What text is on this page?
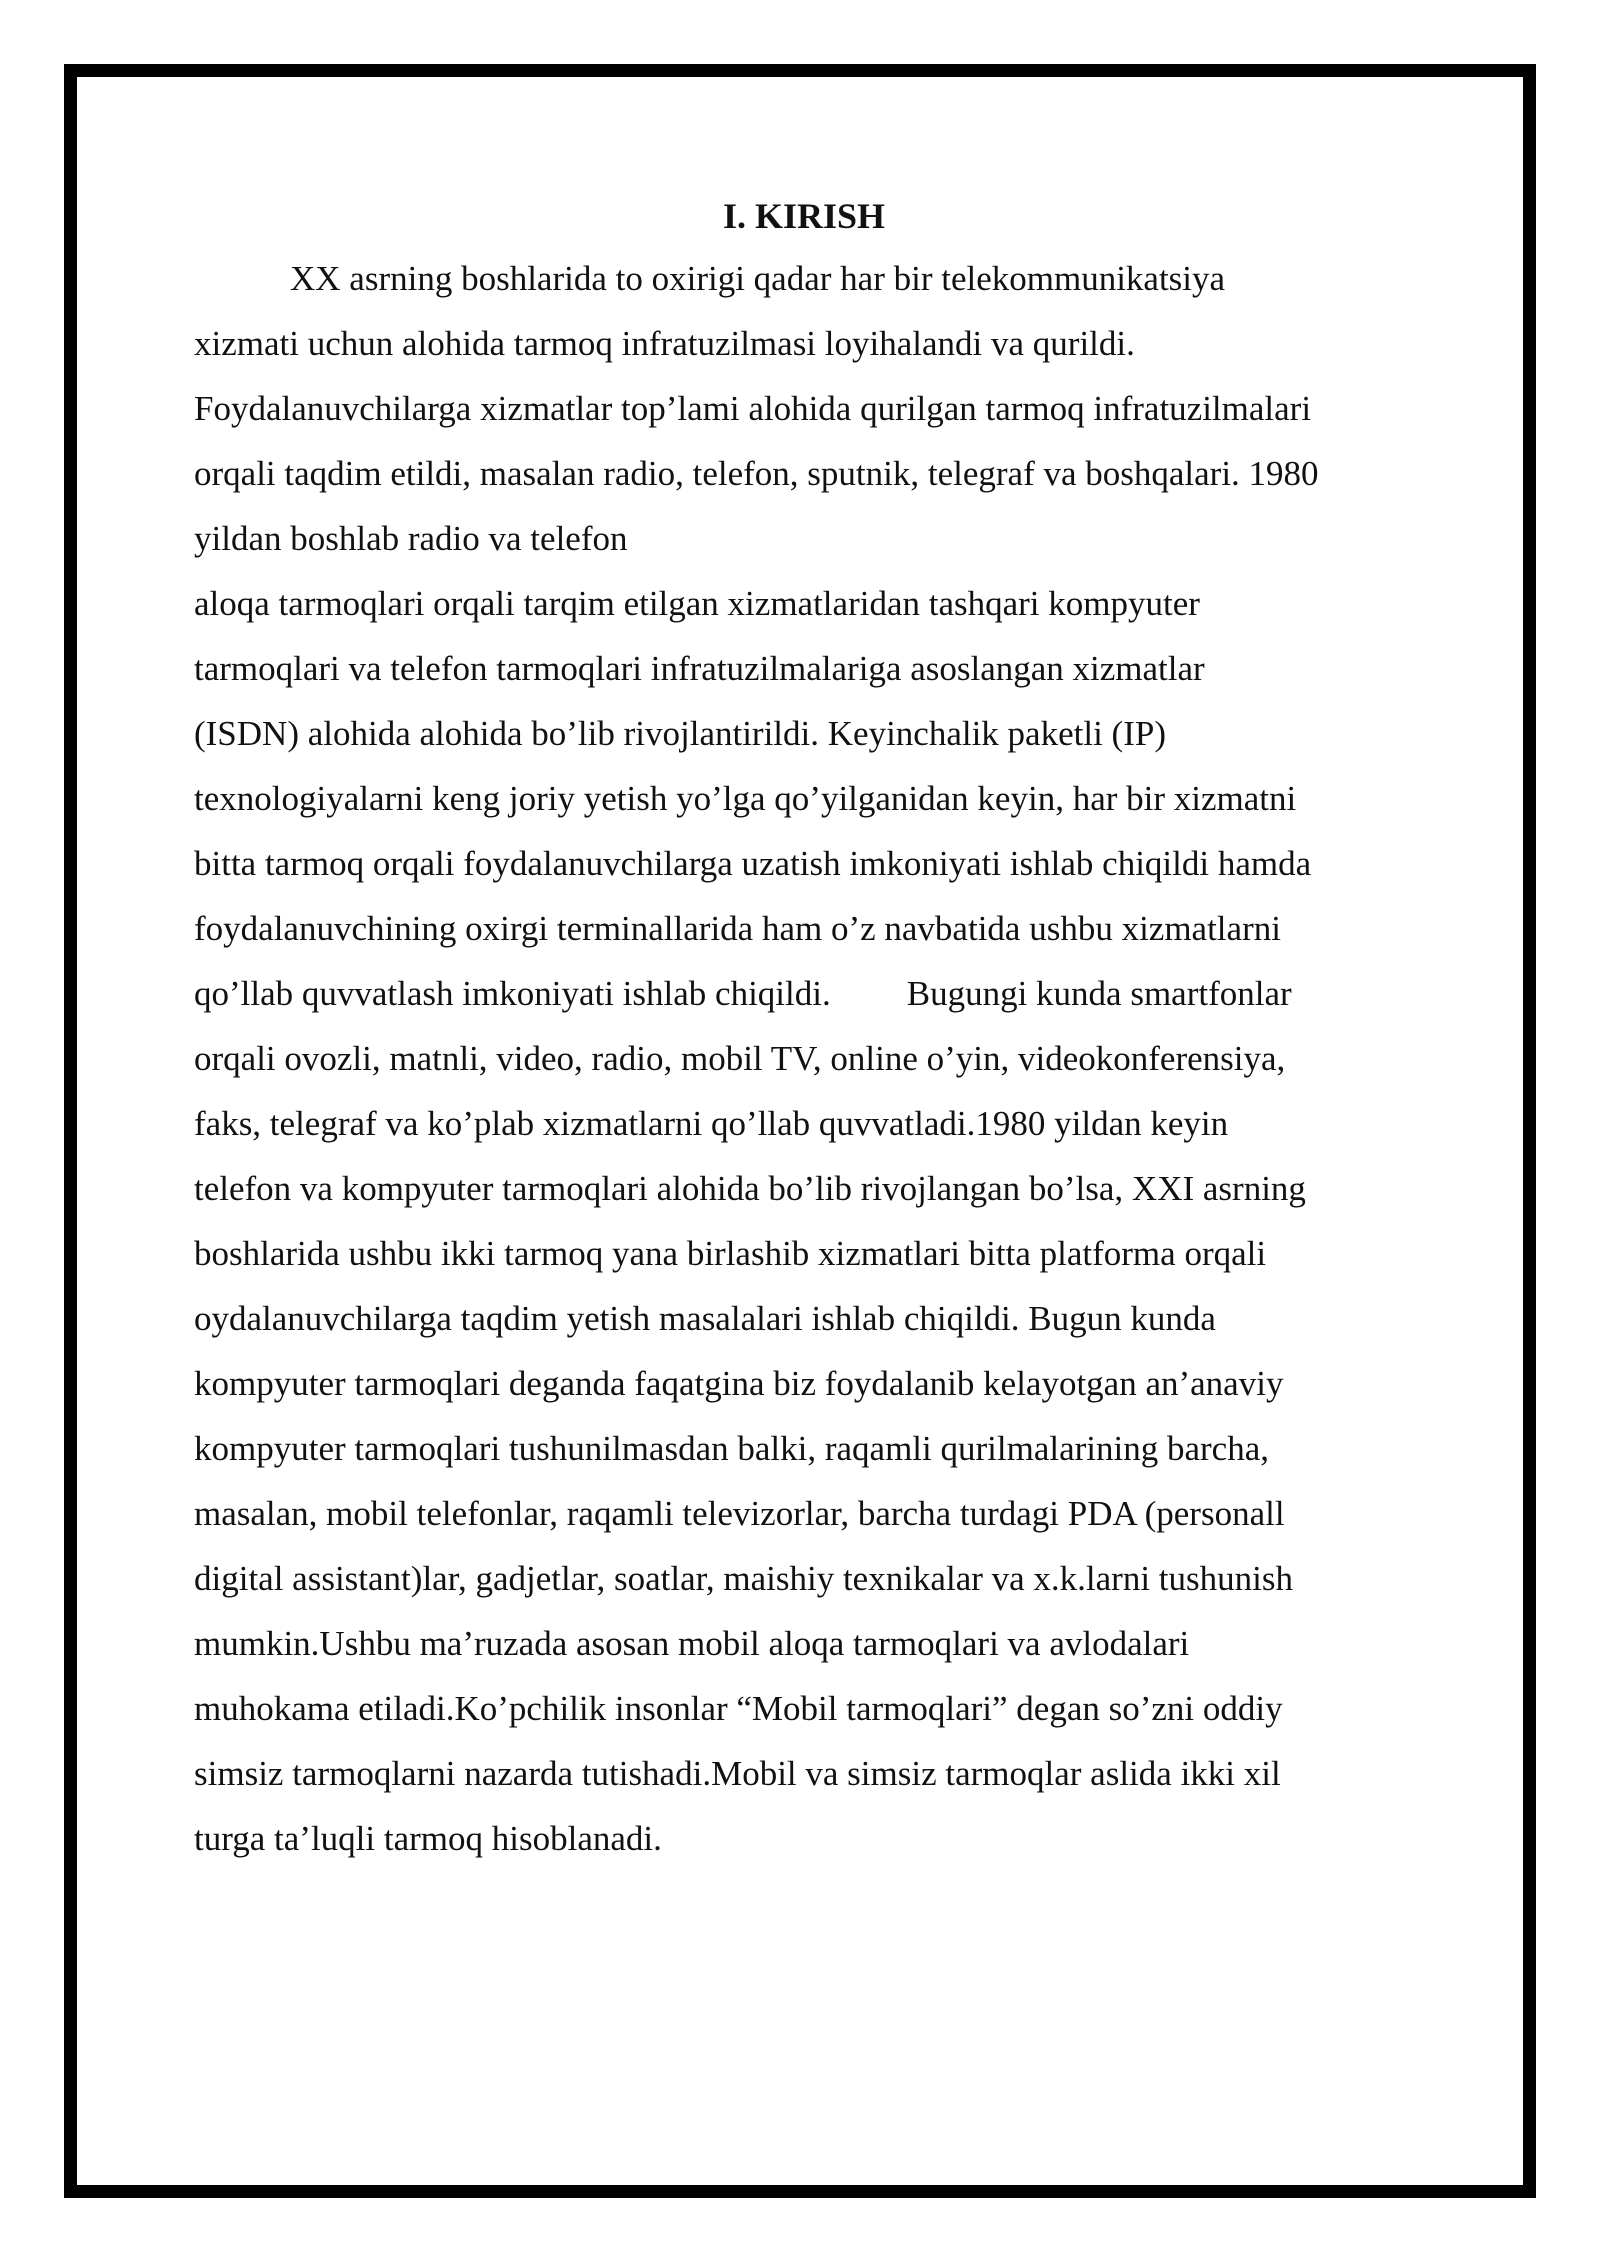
I. KIRISH

XX asrning boshlarida to oxirigi qadar har bir telekommunikatsiya

xizmati uchun alohida tarmoq infratuzilmasi loyihalandi va qurildi.

Foydalanuvchilarga xizmatlar top’lami alohida qurilgan tarmoq infratuzilmalari

orqali taqdim etildi, masalan radio, telefon, sputnik, telegraf va boshqalari. 1980

yildan boshlab radio va telefon

aloqa tarmoqlari orqali tarqim etilgan xizmatlaridan tashqari kompyuter

tarmoqlari va telefon tarmoqlari infratuzilmalariga asoslangan xizmatlar

(ISDN) alohida alohida bo’lib rivojlantirildi. Keyinchalik paketli (IP)

texnologiyalarni keng joriy yetish yo’lga qo’yilganidan keyin, har bir xizmatni

bitta tarmoq orqali foydalanuvchilarga uzatish imkoniyati ishlab chiqildi hamda

foydalanuvchining oxirgi terminallarida ham o’z navbatida ushbu xizmatlarni

qo’llab quvvatlash imkoniyati ishlab chiqildi. Bugungi kunda smartfonlar

orqali ovozli, matnli, video, radio, mobil TV, online o’yin, videokonferensiya,

faks, telegraf va ko’plab xizmatlarni qo’llab quvvatladi.1980 yildan keyin

telefon va kompyuter tarmoqlari alohida bo’lib rivojlangan bo’lsa, XXI asrning

boshlarida ushbu ikki tarmoq yana birlashib xizmatlari bitta platforma orqali

oydalanuvchilarga taqdim yetish masalalari ishlab chiqildi. Bugun kunda

kompyuter tarmoqlari deganda faqatgina biz foydalanib kelayotgan an’anaviy

kompyuter tarmoqlari tushunilmasdan balki, raqamli qurilmalarining barcha,

masalan, mobil telefonlar, raqamli televizorlar, barcha turdagi PDA (personall

digital assistant)lar, gadjetlar, soatlar, maishiy texnikalar va x.k.larni tushunish

mumkin.Ushbu ma’ruzada asosan mobil aloqa tarmoqlari va avlodalari

muhokama etiladi.Ko’pchilik insonlar “Mobil tarmoqlari” degan so’zni oddiy

simsiz tarmoqlarni nazarda tutishadi.Mobil va simsiz tarmoqlar aslida ikki xil

turga ta’luqli tarmoq hisoblanadi.
